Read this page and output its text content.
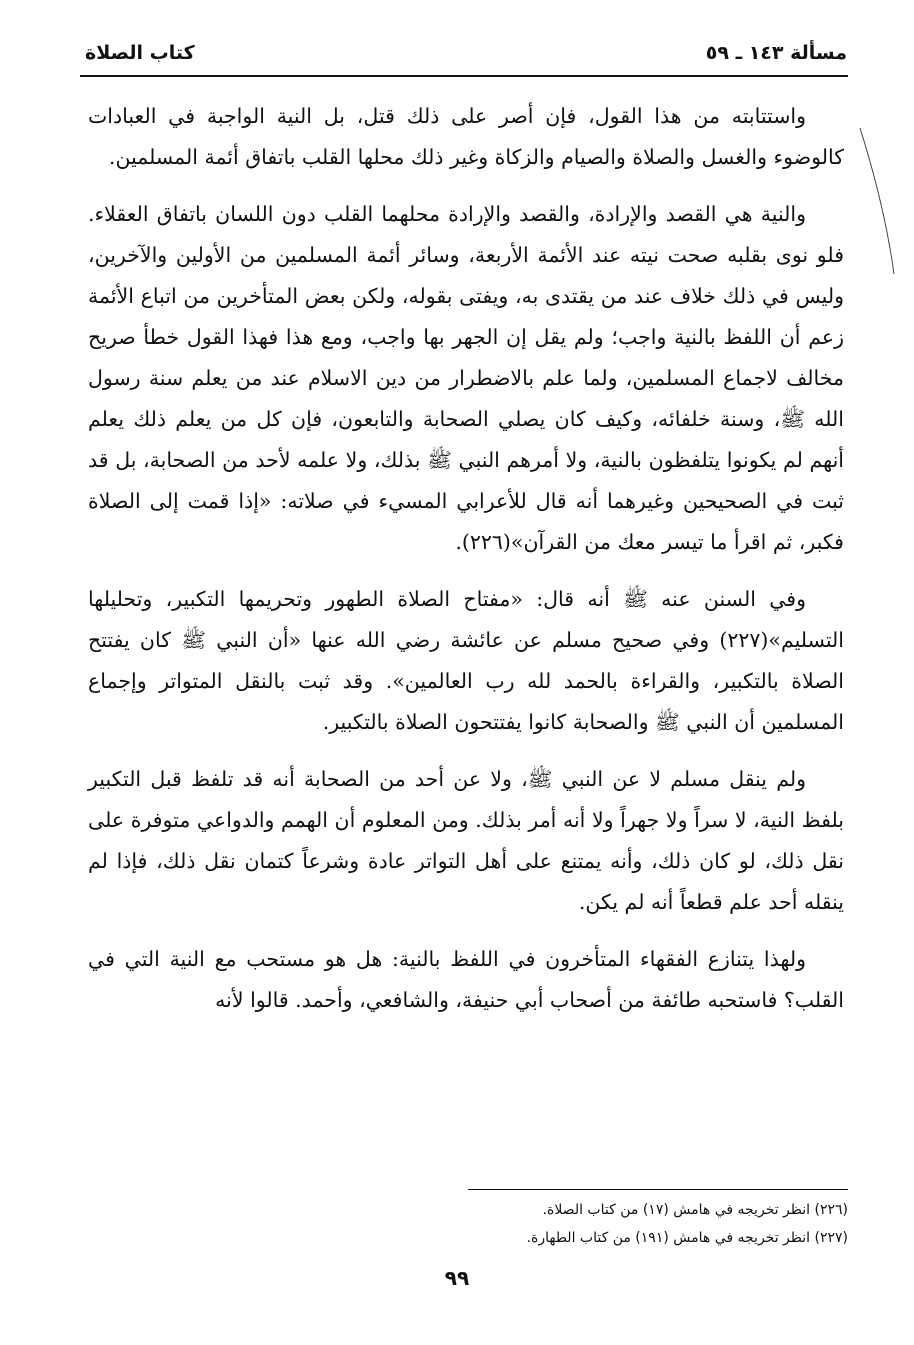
مسألة ١٤٣ ـ ٥٩
كتاب الصلاة

واستتابته من هذا القول، فإن أصر على ذلك قتل، بل النية الواجبة في العبادات كالوضوء والغسل والصلاة والصيام والزكاة وغير ذلك محلها القلب باتفاق أئمة المسلمين.

والنية هي القصد والإرادة، والقصد والإرادة محلهما القلب دون اللسان باتفاق العقلاء. فلو نوى بقلبه صحت نيته عند الأئمة الأربعة، وسائر أئمة المسلمين من الأولين والآخرين، وليس في ذلك خلاف عند من يقتدى به، ويفتى بقوله، ولكن بعض المتأخرين من اتباع الأئمة زعم أن اللفظ بالنية واجب؛ ولم يقل إن الجهر بها واجب، ومع هذا فهذا القول خطأ صريح مخالف لاجماع المسلمين، ولما علم بالاضطرار من دين الاسلام عند من يعلم سنة رسول الله ﷺ، وسنة خلفائه، وكيف كان يصلي الصحابة والتابعون، فإن كل من يعلم ذلك يعلم أنهم لم يكونوا يتلفظون بالنية، ولا أمرهم النبي ﷺ بذلك، ولا علمه لأحد من الصحابة، بل قد ثبت في الصحيحين وغيرهما أنه قال للأعرابي المسيء في صلاته: «إذا قمت إلى الصلاة فكبر، ثم اقرأ ما تيسر معك من القرآن»(٢٢٦).

وفي السنن عنه ﷺ أنه قال: «مفتاح الصلاة الطهور وتحريمها التكبير، وتحليلها التسليم»(٢٢٧) وفي صحيح مسلم عن عائشة رضي الله عنها «أن النبي ﷺ كان يفتتح الصلاة بالتكبير، والقراءة بالحمد لله رب العالمين». وقد ثبت بالنقل المتواتر وإجماع المسلمين أن النبي ﷺ والصحابة كانوا يفتتحون الصلاة بالتكبير.

ولم ينقل مسلم لا عن النبي ﷺ، ولا عن أحد من الصحابة أنه قد تلفظ قبل التكبير بلفظ النية، لا سراً ولا جهراً ولا أنه أمر بذلك. ومن المعلوم أن الهمم والدواعي متوفرة على نقل ذلك، لو كان ذلك، وأنه يمتنع على أهل التواتر عادة وشرعاً كتمان نقل ذلك، فإذا لم ينقله أحد علم قطعاً أنه لم يكن.

ولهذا يتنازع الفقهاء المتأخرون في اللفظ بالنية: هل هو مستحب مع النية التي في القلب؟ فاستحبه طائفة من أصحاب أبي حنيفة، والشافعي، وأحمد. قالوا لأنه

(٢٢٦) انظر تخريجه في هامش (١٧) من كتاب الصلاة.

(٢٢٧) انظر تخريجه في هامش (١٩١) من كتاب الطهارة.

٩٩
